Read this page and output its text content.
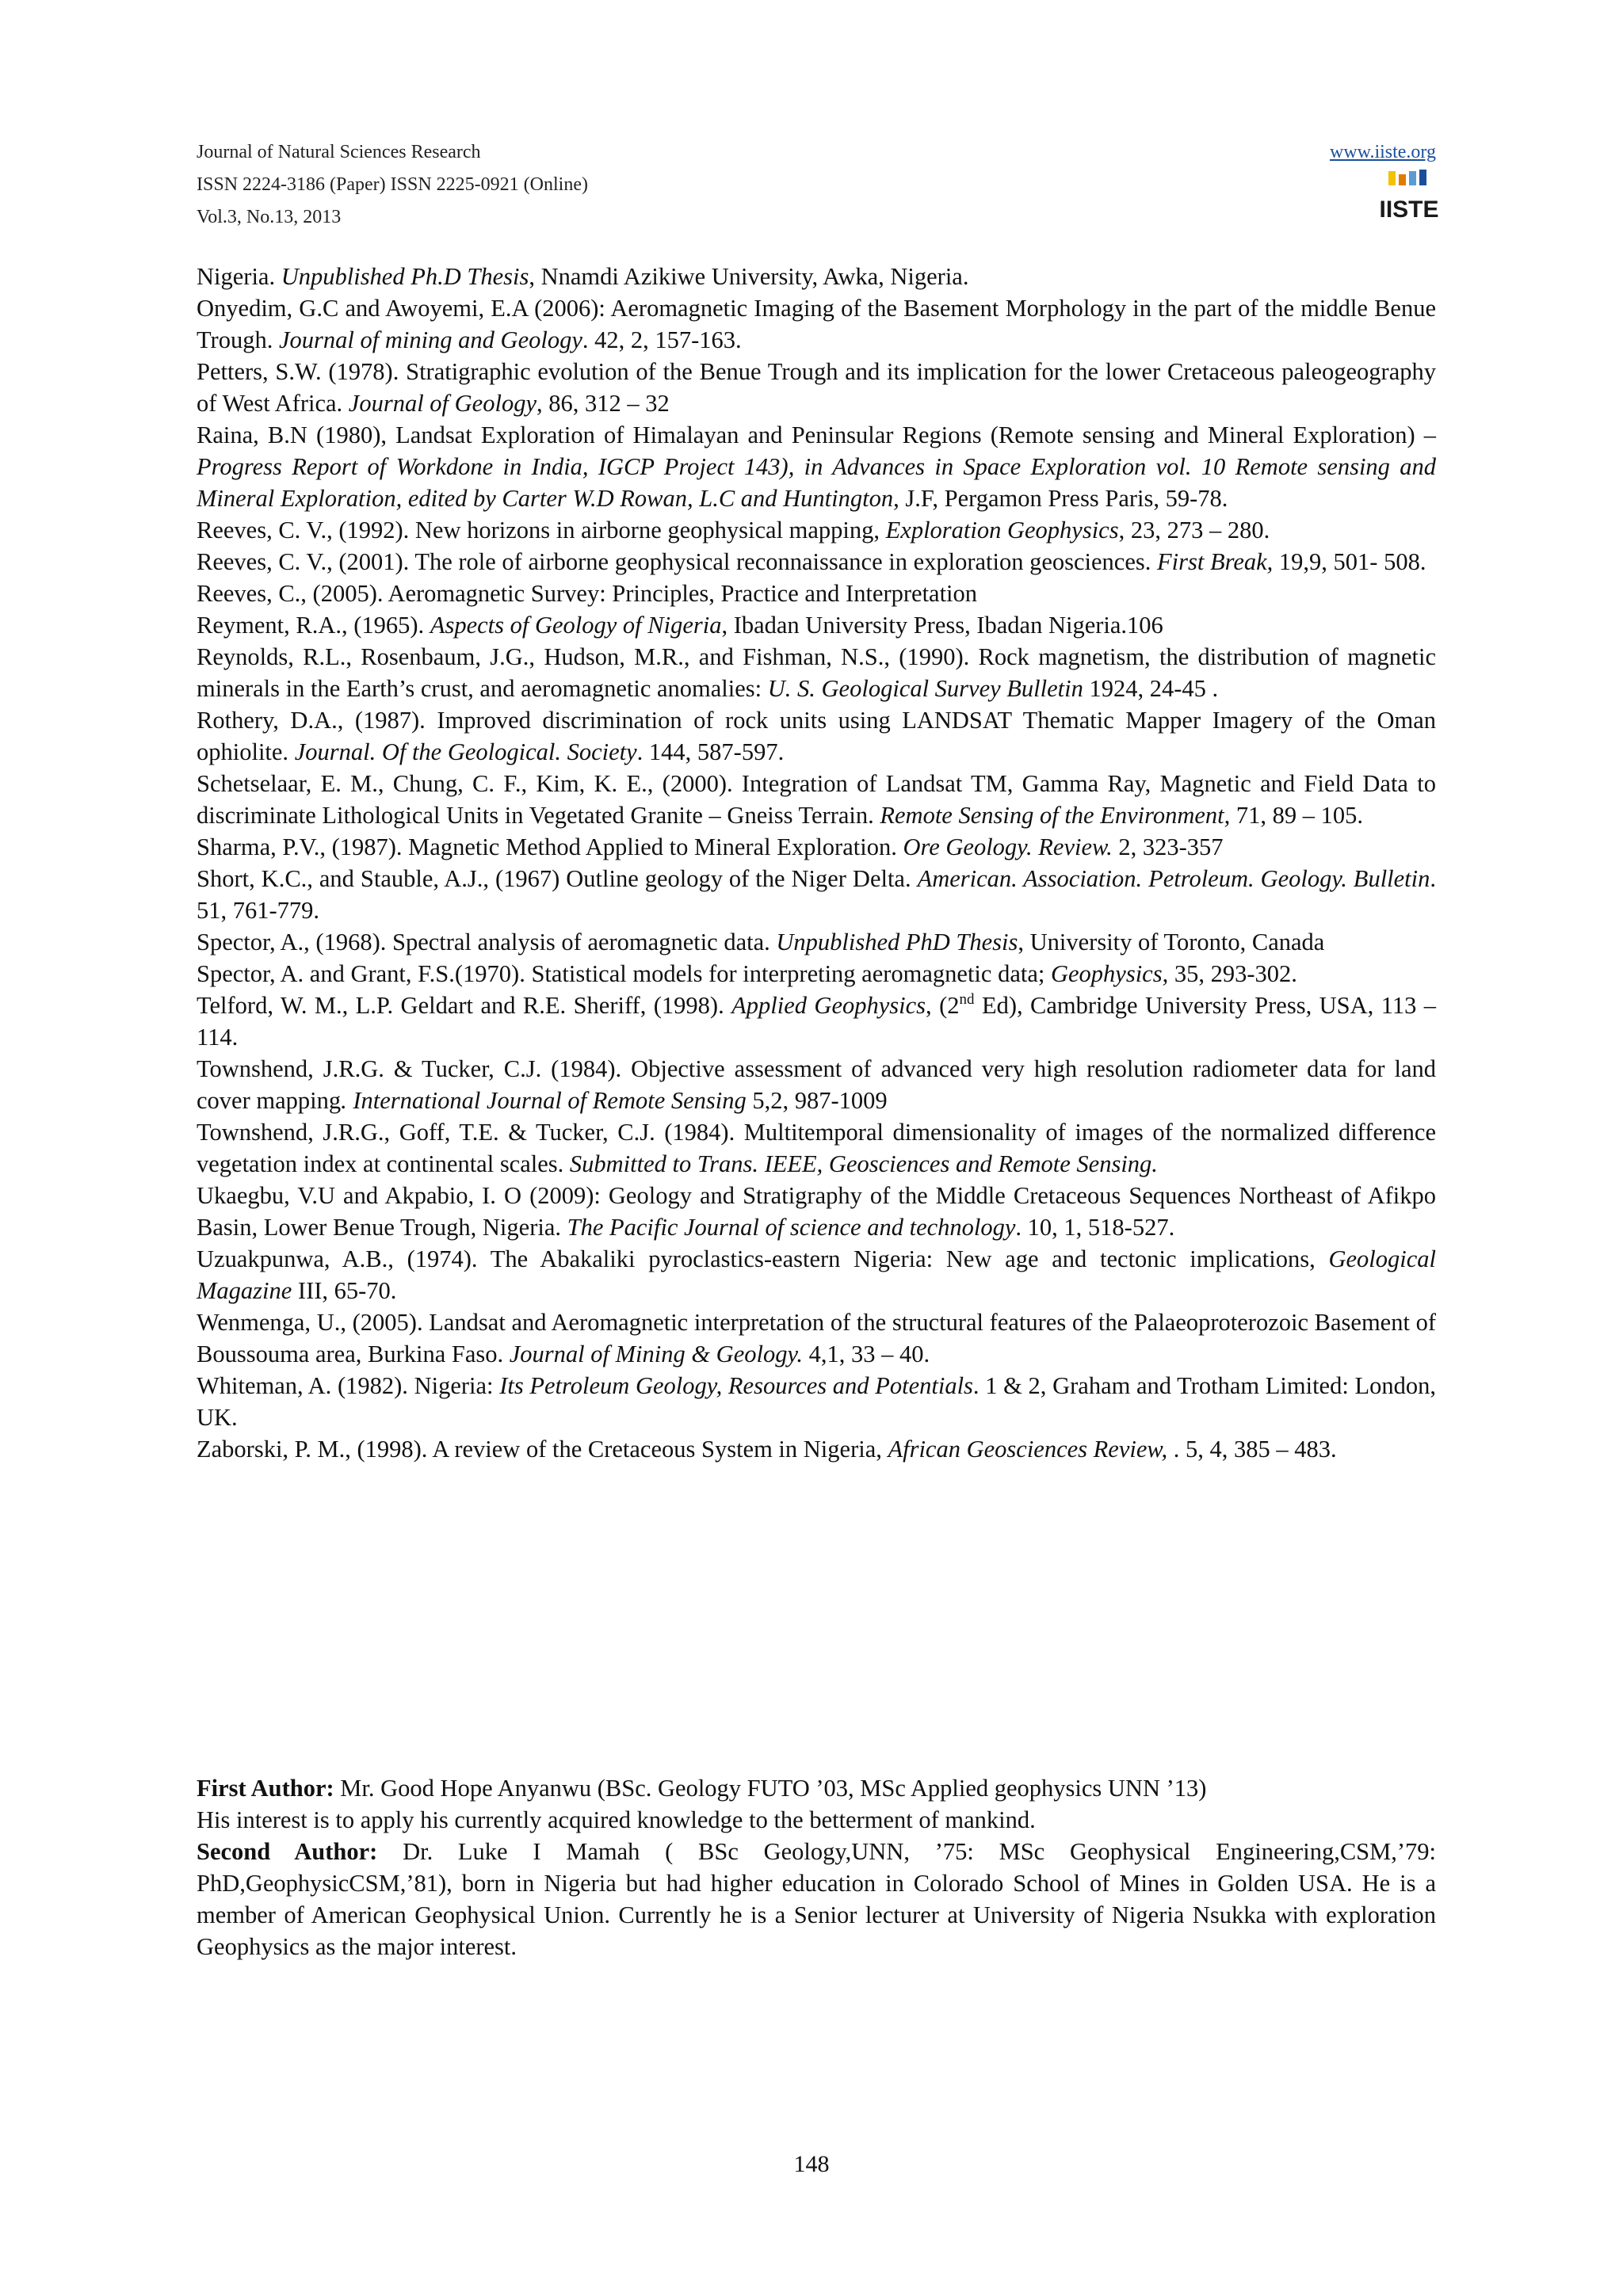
Journal of Natural Sciences Research
ISSN 2224-3186 (Paper) ISSN 2225-0921 (Online)
Vol.3, No.13, 2013
www.iiste.org
IISTE

Nigeria. Unpublished Ph.D Thesis, Nnamdi Azikiwe University, Awka, Nigeria.

Onyedim, G.C and Awoyemi, E.A (2006): Aeromagnetic Imaging of the Basement Morphology in the part of the middle Benue Trough. Journal of mining and Geology. 42, 2, 157-163.

Petters, S.W. (1978). Stratigraphic evolution of the Benue Trough and its implication for the lower Cretaceous paleogeography of West Africa. Journal of Geology, 86, 312 – 32

Raina, B.N (1980), Landsat Exploration of Himalayan and Peninsular Regions (Remote sensing and Mineral Exploration) – Progress Report of Workdone in India, IGCP Project 143), in Advances in Space Exploration vol. 10 Remote sensing and Mineral Exploration, edited by Carter W.D Rowan, L.C and Huntington, J.F, Pergamon Press Paris, 59-78.

Reeves, C. V., (1992). New horizons in airborne geophysical mapping, Exploration Geophysics, 23, 273 – 280.

Reeves, C. V., (2001). The role of airborne geophysical reconnaissance in exploration geosciences. First Break, 19,9, 501- 508.

Reeves, C., (2005). Aeromagnetic Survey: Principles, Practice and Interpretation

Reyment, R.A., (1965). Aspects of Geology of Nigeria, Ibadan University Press, Ibadan Nigeria.106

Reynolds, R.L., Rosenbaum, J.G., Hudson, M.R., and Fishman, N.S., (1990). Rock magnetism, the distribution of magnetic minerals in the Earth’s crust, and aeromagnetic anomalies: U. S. Geological Survey Bulletin 1924, 24-45 .

Rothery, D.A., (1987). Improved discrimination of rock units using LANDSAT Thematic Mapper Imagery of the Oman ophiolite. Journal. Of the Geological. Society. 144, 587-597.

Schetselaar, E. M., Chung, C. F., Kim, K. E., (2000). Integration of Landsat TM, Gamma Ray, Magnetic and Field Data to discriminate Lithological Units in Vegetated Granite – Gneiss Terrain. Remote Sensing of the Environment, 71, 89 – 105.

Sharma, P.V., (1987). Magnetic Method Applied to Mineral Exploration. Ore Geology. Review. 2, 323-357

Short, K.C., and Stauble, A.J., (1967) Outline geology of the Niger Delta. American. Association. Petroleum. Geology. Bulletin. 51, 761-779.

Spector, A., (1968). Spectral analysis of aeromagnetic data. Unpublished PhD Thesis, University of Toronto, Canada

Spector, A. and Grant, F.S.(1970). Statistical models for interpreting aeromagnetic data; Geophysics, 35, 293-302.

Telford, W. M., L.P. Geldart and R.E. Sheriff, (1998). Applied Geophysics, (2nd Ed), Cambridge University Press, USA, 113 – 114.

Townshend, J.R.G. & Tucker, C.J. (1984). Objective assessment of advanced very high resolution radiometer data for land cover mapping. International Journal of Remote Sensing 5,2, 987-1009

Townshend, J.R.G., Goff, T.E. & Tucker, C.J. (1984). Multitemporal dimensionality of images of the normalized difference vegetation index at continental scales. Submitted to Trans. IEEE, Geosciences and Remote Sensing.

Ukaegbu, V.U and Akpabio, I. O (2009): Geology and Stratigraphy of the Middle Cretaceous Sequences Northeast of Afikpo Basin, Lower Benue Trough, Nigeria. The Pacific Journal of science and technology. 10, 1, 518-527.

Uzuakpunwa, A.B., (1974). The Abakaliki pyroclastics-eastern Nigeria: New age and tectonic implications, Geological Magazine III, 65-70.

Wenmenga, U., (2005). Landsat and Aeromagnetic interpretation of the structural features of the Palaeoproterozoic Basement of Boussouma area, Burkina Faso. Journal of Mining & Geology. 4,1, 33 – 40.

Whiteman, A. (1982). Nigeria: Its Petroleum Geology, Resources and Potentials. 1 & 2, Graham and Trotham Limited: London, UK.

Zaborski, P. M., (1998). A review of the Cretaceous System in Nigeria, African Geosciences Review, . 5, 4, 385 – 483.

First Author: Mr. Good Hope Anyanwu (BSc. Geology FUTO ’03, MSc Applied geophysics UNN ’13)

His interest is to apply his currently acquired knowledge to the betterment of mankind.

Second Author: Dr. Luke I Mamah ( BSc Geology,UNN, ’75: MSc Geophysical Engineering,CSM,’79: PhD,GeophysicCSM,’81), born in Nigeria but had higher education in Colorado School of Mines in Golden USA. He is a member of American Geophysical Union. Currently he is a Senior lecturer at University of Nigeria Nsukka with exploration Geophysics as the major interest.

148
